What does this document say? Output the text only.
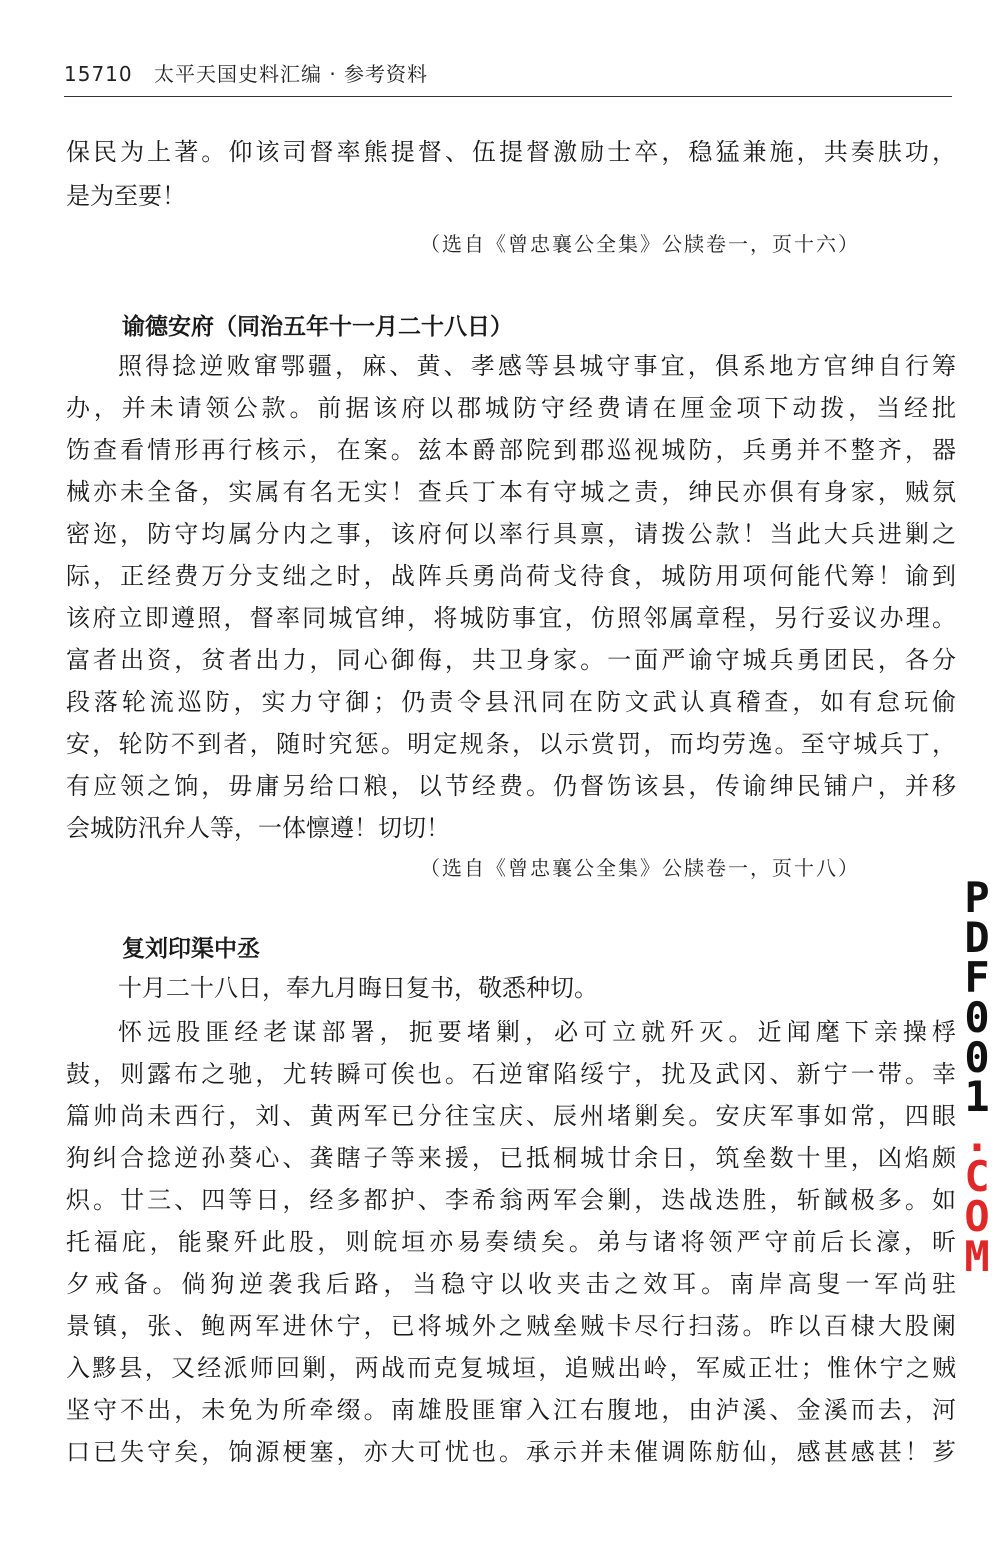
15710 太平天国史料汇编 · 参考资料
保民为上著。仰该司督率熊提督、伍提督激励士卒，稳猛兼施，共奏肤功，
是为至要！
（选自《曾忠襄公全集》公牍卷一，页十六）
谕德安府（同治五年十一月二十八日）
照得捻逆败窜鄂疆，麻、黄、孝感等县城守事宜，俱系地方官绅自行筹
办，并未请领公款。前据该府以郡城防守经费请在厘金项下动拨，当经批
饬查看情形再行核示，在案。兹本爵部院到郡巡视城防，兵勇并不整齐，器
械亦未全备，实属有名无实！查兵丁本有守城之责，绅民亦俱有身家，贼氛
密迩，防守均属分内之事，该府何以率行具禀，请拨公款！当此大兵进剿之
际，正经费万分支绌之时，战阵兵勇尚荷戈待食，城防用项何能代筹！谕到
该府立即遵照，督率同城官绅，将城防事宜，仿照邻属章程，另行妥议办理。
富者出资，贫者出力，同心御侮，共卫身家。一面严谕守城兵勇团民，各分
段落轮流巡防，实力守御；仍责令县汛同在防文武认真稽查，如有怠玩偷
安，轮防不到者，随时究惩。明定规条，以示赏罚，而均劳逸。至守城兵丁，
有应领之饷，毋庸另给口粮，以节经费。仍督饬该县，传谕绅民铺户，并移
会城防汛弁人等，一体懔遵！切切！
（选自《曾忠襄公全集》公牍卷一，页十八）
复刘印渠中丞
十月二十八日，奉九月晦日复书，敬悉种切。
怀远股匪经老谋部署，扼要堵剿，必可立就歼灭。近闻麾下亲操桴
鼓，则露布之驰，尤转瞬可俟也。石逆窜陷绥宁，扰及武冈、新宁一带。幸
篇帅尚未西行，刘、黄两军已分往宝庆、辰州堵剿矣。安庆军事如常，四眼
狗纠合捻逆孙葵心、龚瞎子等来援，已抵桐城廿余日，筑垒数十里，凶焰颇
炽。廿三、四等日，经多都护、李希翁两军会剿，迭战迭胜，斩馘极多。如
托福庇，能聚歼此股，则皖垣亦易奏绩矣。弟与诸将领严守前后长濠，昕
夕戒备。倘狗逆袭我后路，当稳守以收夹击之效耳。南岸高叟一军尚驻
景镇，张、鲍两军进休宁，已将城外之贼垒贼卡尽行扫荡。昨以百棣大股阑
入黟县，又经派师回剿，两战而克复城垣，追贼出岭，军威正壮；惟休宁之贼
坚守不出，未免为所牵缀。南雄股匪窜入江右腹地，由泸溪、金溪而去，河
口已失守矣，饷源梗塞，亦大可忧也。承示并未催调陈舫仙，感甚感甚！芗
P
D
F
0
0
1
.
C
O
M
